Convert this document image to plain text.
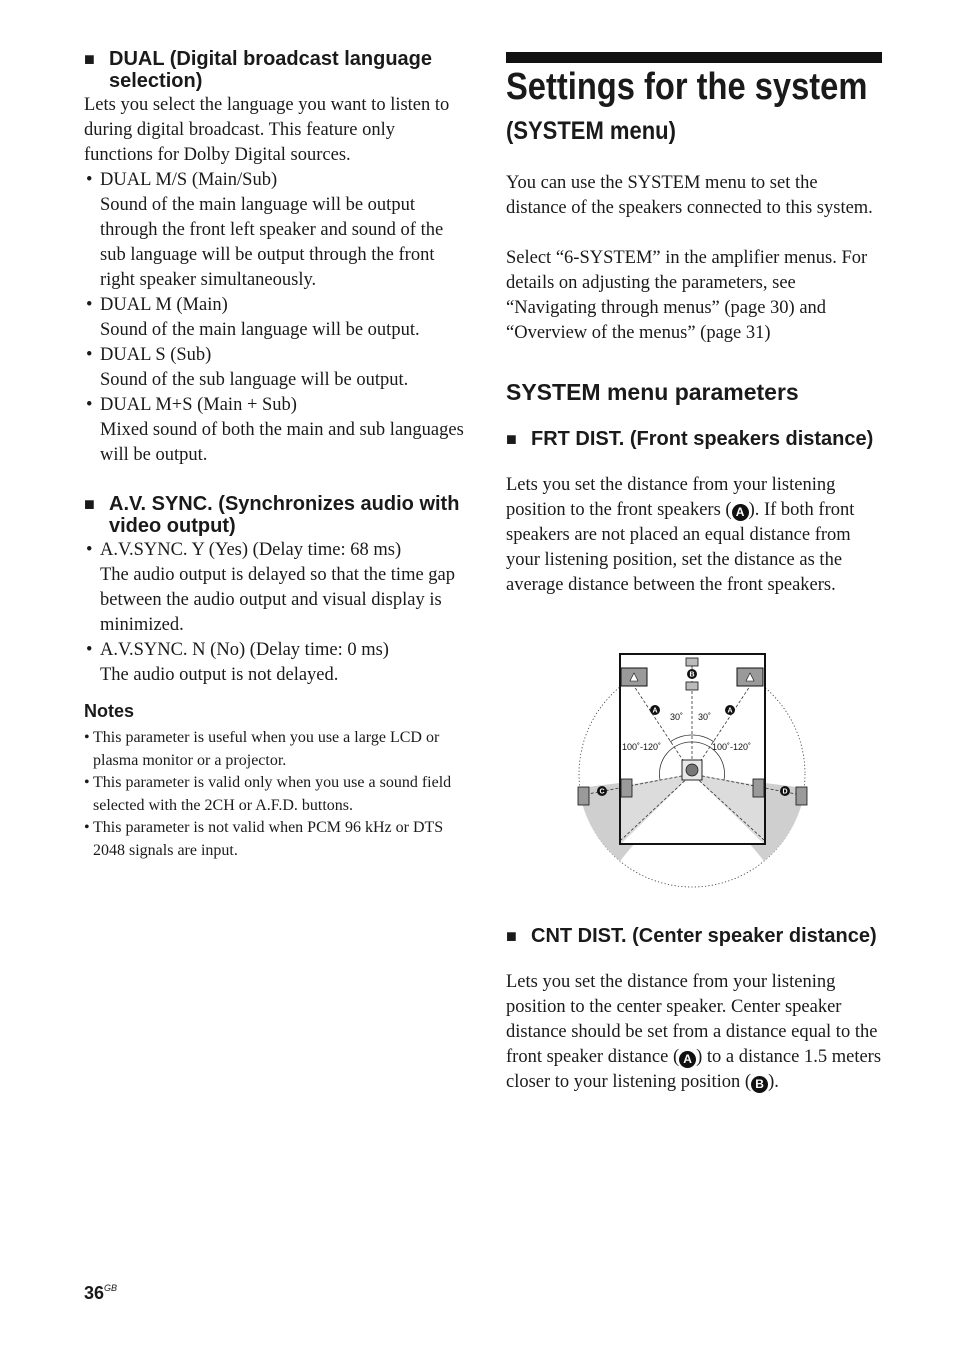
■ DUAL (Digital broadcast language selection)

Lets you select the language you want to listen to during digital broadcast. This feature only functions for Dolby Digital sources.

• DUAL M/S (Main/Sub)
Sound of the main language will be output through the front left speaker and sound of the sub language will be output through the front right speaker simultaneously.
• DUAL M (Main)
Sound of the main language will be output.
• DUAL S (Sub)
Sound of the sub language will be output.
• DUAL M+S (Main + Sub)
Mixed sound of both the main and sub languages will be output.
■ A.V. SYNC. (Synchronizes audio with video output)
• A.V.SYNC. Y (Yes) (Delay time: 68 ms)
The audio output is delayed so that the time gap between the audio output and visual display is minimized.
• A.V.SYNC. N (No) (Delay time: 0 ms)
The audio output is not delayed.
Notes
• This parameter is useful when you use a large LCD or plasma monitor or a projector.
• This parameter is valid only when you use a sound field selected with the 2CH or A.F.D. buttons.
• This parameter is not valid when PCM 96 kHz or DTS 2048 signals are input.
Settings for the system
(SYSTEM menu)

You can use the SYSTEM menu to set the distance of the speakers connected to this system.

Select “6-SYSTEM” in the amplifier menus. For details on adjusting the parameters, see “Navigating through menus” (page 30) and “Overview of the menus” (page 31)

SYSTEM menu parameters
■ FRT DIST. (Front speakers distance)

Lets you set the distance from your listening position to the front speakers ( A ). If both front speakers are not placed an equal distance from your listening position, set the distance as the average distance between the front speakers.

A	A
B
C	D
30˚ 30˚
100˚-120˚	100˚-120˚
■ CNT DIST. (Center speaker distance)

Lets you set the distance from your listening position to the center speaker. Center speaker distance should be set from a distance equal to the front speaker distance ( A ) to a distance 1.5 meters closer to your listening position ( B ).

$36^{GB}$
